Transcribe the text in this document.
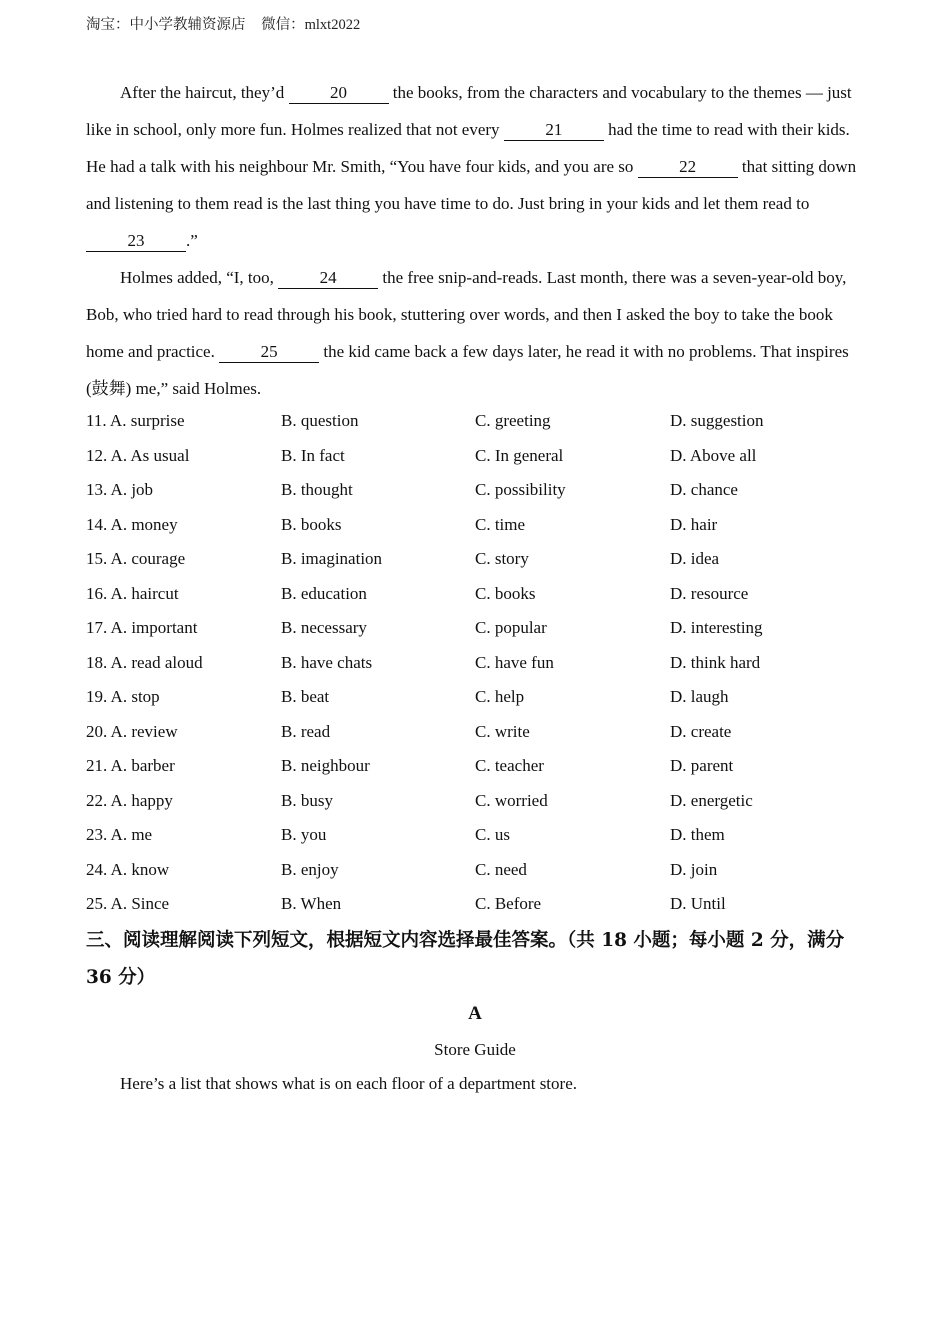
淘宝：中小学教辅资源店 微信：mlxt2022

After the haircut, they’d 20 the books, from the characters and vocabulary to the themes — just like in school, only more fun. Holmes realized that not every 21 had the time to read with their kids. He had a talk with his neighbour Mr. Smith, “You have four kids, and you are so 22 that sitting down and listening to them read is the last thing you have time to do. Just bring in your kids and let them read to 23 .”

Holmes added, “I, too, 24 the free snip-and-reads. Last month, there was a seven-year-old boy, Bob, who tried hard to read through his book, stuttering over words, and then I asked the boy to take the book home and practice. 25 the kid came back a few days later, he read it with no problems. That inspires (鼓舞) me,” said Holmes.

11. A. surprise	B. question	C. greeting	D. suggestion
12. A. As usual	B. In fact	C. In general	D. Above all
13. A. job	B. thought	C. possibility	D. chance
14. A. money	B. books	C. time	D. hair
15. A. courage	B. imagination	C. story	D. idea
16. A. haircut	B. education	C. books	D. resource
17. A. important	B. necessary	C. popular	D. interesting
18. A. read aloud	B. have chats	C. have fun	D. think hard
19. A. stop	B. beat	C. help	D. laugh
20. A. review	B. read	C. write	D. create
21. A. barber	B. neighbour	C. teacher	D. parent
22. A. happy	B. busy	C. worried	D. energetic
23. A. me	B. you	C. us	D. them
24. A. know	B. enjoy	C. need	D. join
25. A. Since	B. When	C. Before	D. Until
三、阅读理解阅读下列短文，根据短文内容选择最佳答案。（共 18 小题；每小题 2 分，满分 36 分）
A
Store Guide
Here’s a list that shows what is on each floor of a department store.
